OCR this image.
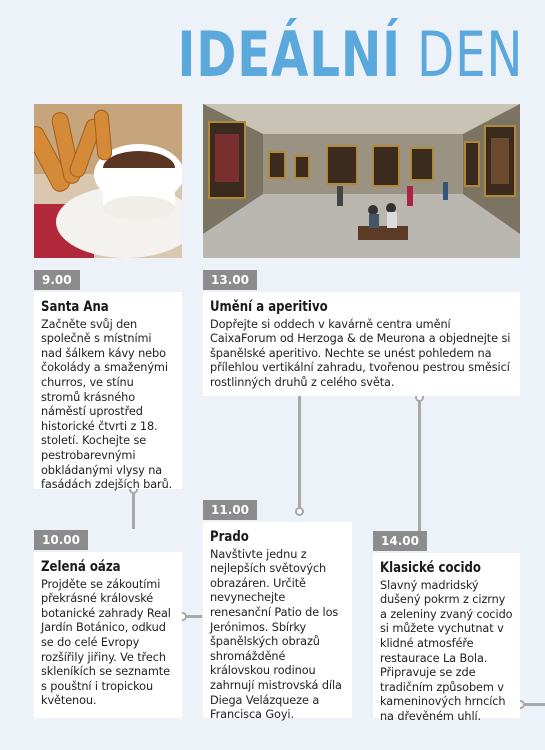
IDEÁLNÍ DEN
9.00
Santa Ana

Začněte svůj den společně s místními nad šálkem kávy nebo čokolády a smaženými churros, ve stínu stromů krásného náměstí uprostřed historické čtvrti z 18. století. Kochejte se pestrobarevnými obkládanými vlysy na fasádách zdejších barů.

13.00
Umění a aperitivo

Dopřejte si oddech v kavárně centra umění CaixaForum od Herzoga & de Meurona a objednejte si španělské aperitivo. Nechte se unést pohledem na přílehlou vertikální zahradu, tvořenou pestrou směsicí rostlinných druhů z celého světa.

11.00
Prado

Navštivte jednu z nejlepších světových obrazáren. Určitě nevynechejte renesanční Patio de los Jerónimos. Sbírky španělských obrazů shromážděné královskou rodinou zahrnují mistrovská díla Diega Velázqueze a Francisca Goyi.

10.00
Zelená oáza

Projděte se zákoutími překrásné královské botanické zahrady Real Jardín Botánico, odkud se do celé Evropy rozšířily jiřiny. Ve třech skleníkích se seznamte s pouštní i tropickou květenou.

14.00
Klasické cocido

Slavný madridský dušený pokrm z cizrny a zeleniny zvaný cocido si můžete vychutnat v klidné atmosféře restaurace La Bola. Připravuje se zde tradičním způsobem v kameninových hrncích na dřevěném uhlí.
